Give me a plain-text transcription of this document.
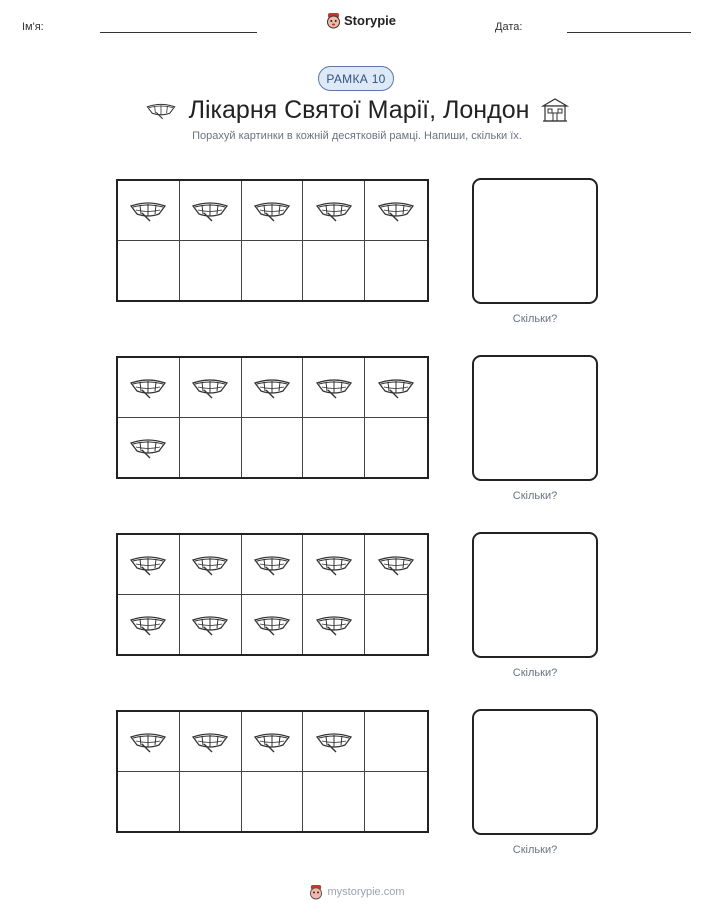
Ім'я:	Storypie	Дата:
РАМКА 10
Лікарня Святої Марії, Лондон
Порахуй картинки в кожній десятковій рамці. Напиши, скільки їх.
Скільки?
Скільки?
Скільки?
Скільки?
mystorypie.com
